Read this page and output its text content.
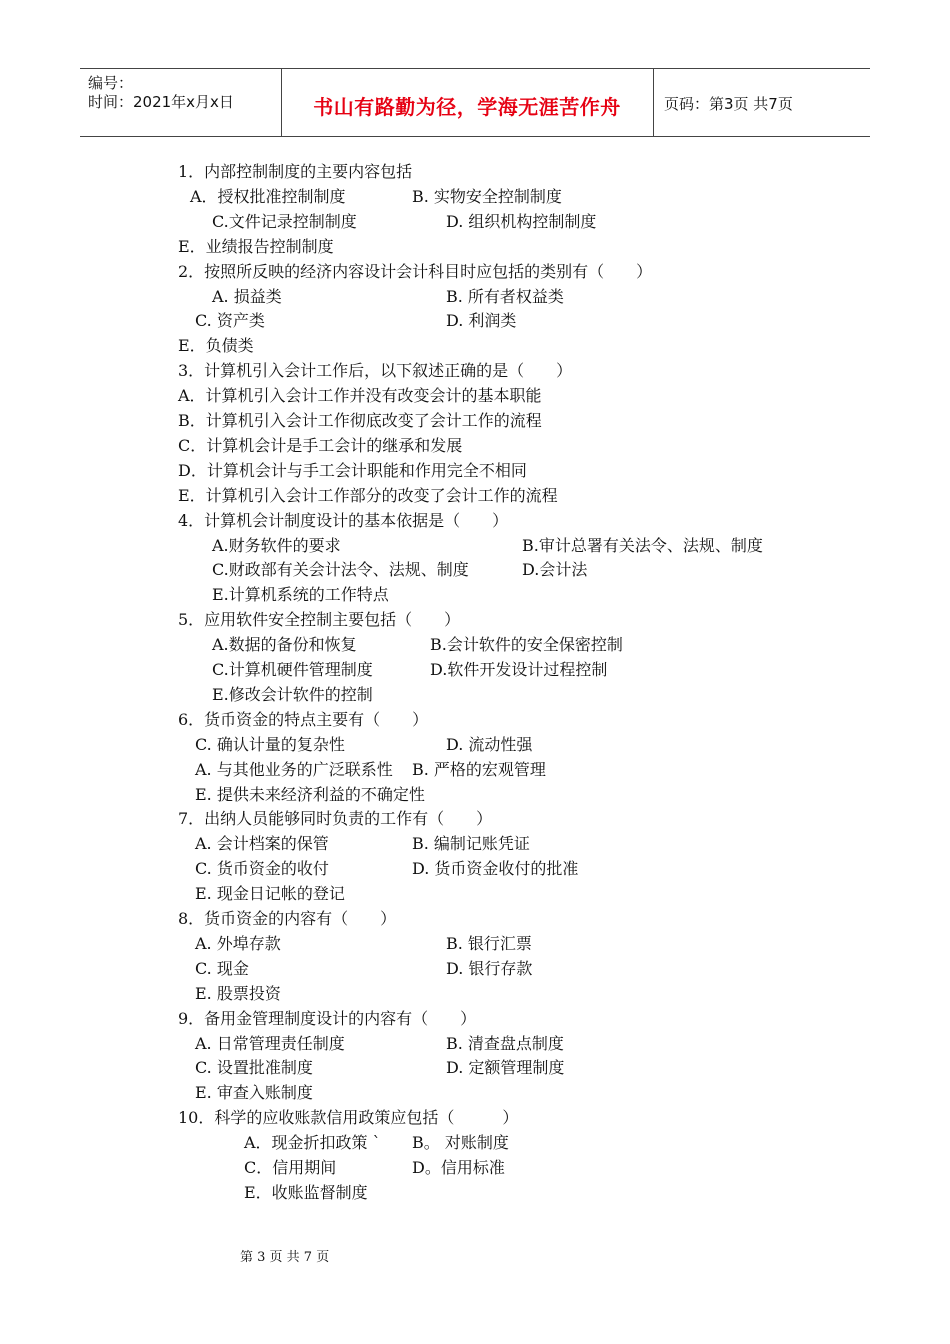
编号：
时间：2021年x月x日	书山有路勤为径，学海无涯苦作舟	页码：第3页 共7页
1．内部控制制度的主要内容包括
A．授权批准控制制度	B. 实物安全控制制度
C.文件记录控制制度	D. 组织机构控制制度
E．业绩报告控制制度
2．按照所反映的经济内容设计会计科目时应包括的类别有（　　）
A. 损益类	B. 所有者权益类
C. 资产类	D. 利润类
E．负债类
3．计算机引入会计工作后，以下叙述正确的是（　　）
A．计算机引入会计工作并没有改变会计的基本职能
B．计算机引入会计工作彻底改变了会计工作的流程
C．计算机会计是手工会计的继承和发展
D．计算机会计与手工会计职能和作用完全不相同
E．计算机引入会计工作部分的改变了会计工作的流程
4．计算机会计制度设计的基本依据是（　　）
A.财务软件的要求	B.审计总署有关法令、法规、制度
C.财政部有关会计法令、法规、制度	D.会计法
E.计算机系统的工作特点
5．应用软件安全控制主要包括（　　）
A.数据的备份和恢复	B.会计软件的安全保密控制
C.计算机硬件管理制度	D.软件开发设计过程控制
E.修改会计软件的控制
6．货币资金的特点主要有（　　）
C. 确认计量的复杂性	D. 流动性强
A. 与其他业务的广泛联系性 B. 严格的宏观管理
E. 提供未来经济利益的不确定性
7．出纳人员能够同时负责的工作有（　　）
A. 会计档案的保管	B. 编制记账凭证
C. 货币资金的收付	D. 货币资金收付的批准
E. 现金日记帐的登记
8．货币资金的内容有（　　）
A. 外埠存款	B. 银行汇票
C. 现金	D. 银行存款
E. 股票投资
9．备用金管理制度设计的内容有（　　）
A. 日常管理责任制度	B. 清查盘点制度
C. 设置批准制度	D. 定额管理制度
E. 审查入账制度
10．科学的应收账款信用政策应包括（　　　）
A．现金折扣政策 ` B。 对账制度
C．信用期间	D。信用标准
E．收账监督制度
第 3 页 共 7 页
